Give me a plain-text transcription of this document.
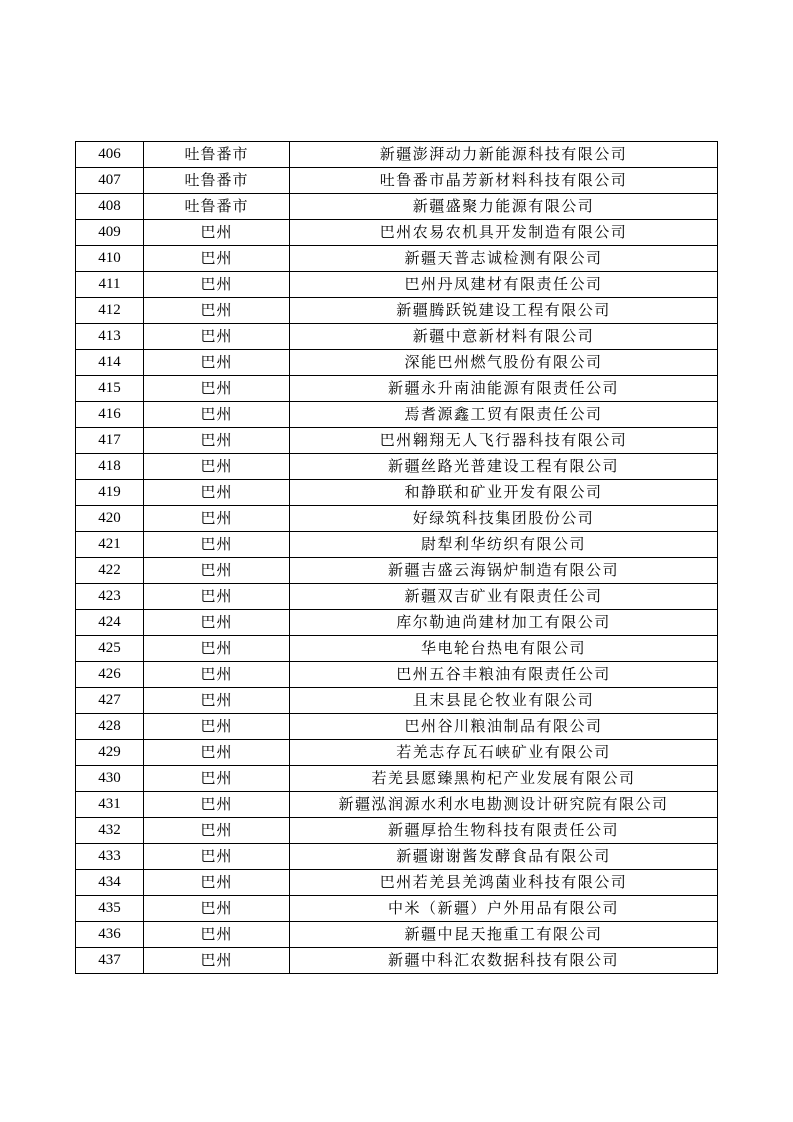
406	吐鲁番市	新疆澎湃动力新能源科技有限公司
407	吐鲁番市	吐鲁番市晶芳新材料科技有限公司
408	吐鲁番市	新疆盛聚力能源有限公司
409	巴州	巴州农易农机具开发制造有限公司
410	巴州	新疆天普志诚检测有限公司
411	巴州	巴州丹凤建材有限责任公司
412	巴州	新疆腾跃锐建设工程有限公司
413	巴州	新疆中意新材料有限公司
414	巴州	深能巴州燃气股份有限公司
415	巴州	新疆永升南油能源有限责任公司
416	巴州	焉耆源鑫工贸有限责任公司
417	巴州	巴州翱翔无人飞行器科技有限公司
418	巴州	新疆丝路光普建设工程有限公司
419	巴州	和静联和矿业开发有限公司
420	巴州	好绿筑科技集团股份公司
421	巴州	尉犁利华纺织有限公司
422	巴州	新疆吉盛云海锅炉制造有限公司
423	巴州	新疆双吉矿业有限责任公司
424	巴州	库尔勒迪尚建材加工有限公司
425	巴州	华电轮台热电有限公司
426	巴州	巴州五谷丰粮油有限责任公司
427	巴州	且末县昆仑牧业有限公司
428	巴州	巴州谷川粮油制品有限公司
429	巴州	若羌志存瓦石峡矿业有限公司
430	巴州	若羌县愿臻黑枸杞产业发展有限公司
431	巴州	新疆泓润源水利水电勘测设计研究院有限公司
432	巴州	新疆厚拾生物科技有限责任公司
433	巴州	新疆谢谢酱发酵食品有限公司
434	巴州	巴州若羌县羌鸿菌业科技有限公司
435	巴州	中米（新疆）户外用品有限公司
436	巴州	新疆中昆天拖重工有限公司
437	巴州	新疆中科汇农数据科技有限公司
